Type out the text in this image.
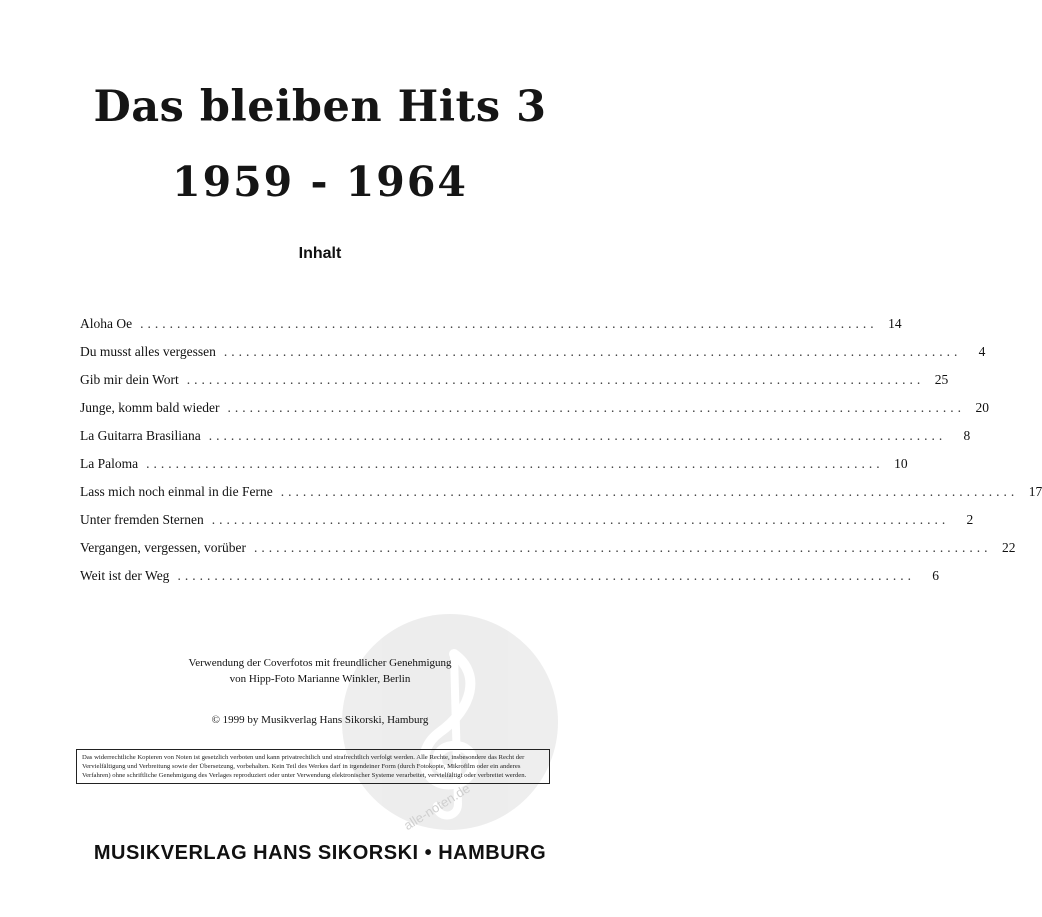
alle-noten.de
Das bleiben Hits 3
1959 - 1964
Inhalt
Aloha Oe .................................................................................................... 14
Du musst alles vergessen ....................................................................................................	4
Gib mir dein Wort .................................................................................................... 25
Junge, komm bald wieder .................................................................................................... 20
La Guitarra Brasiliana ....................................................................................................	8
La Paloma .................................................................................................... 10
Lass mich noch einmal in die Ferne .................................................................................................... 17
Unter fremden Sternen ....................................................................................................	2
Vergangen, vergessen, vorüber .................................................................................................... 22
Weit ist der Weg ....................................................................................................	6
Verwendung der Coverfotos mit freundlicher Genehmigung
von Hipp-Foto Marianne Winkler, Berlin
© 1999 by Musikverlag Hans Sikorski, Hamburg
Das widerrechtliche Kopieren von Noten ist gesetzlich verboten und kann privatrechtlich und strafrechtlich verfolgt werden. Alle Rechte, insbesondere das Recht der Vervielfältigung und Verbreitung sowie der Übersetzung, vorbehalten. Kein Teil des Werkes darf in irgendeiner Form (durch Fotokopie, Mikrofilm oder ein anderes Verfahren) ohne schriftliche Genehmigung des Verlages reproduziert oder unter Verwendung elektronischer Systeme verarbeitet, vervielfältigt oder verbreitet werden.
MUSIKVERLAG HANS SIKORSKI • HAMBURG
